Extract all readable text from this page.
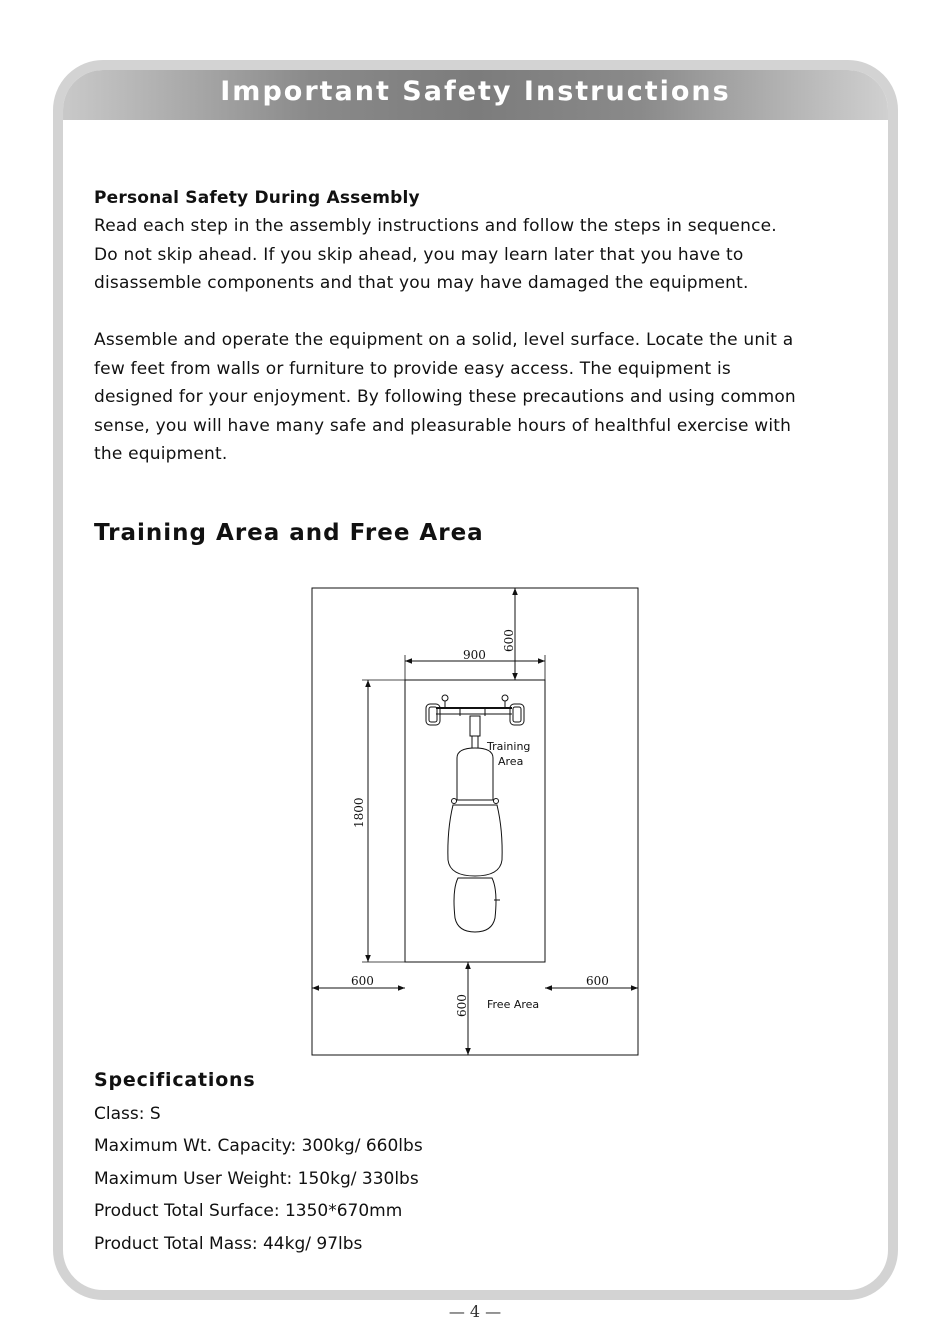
Important Safety Instructions
Personal Safety During Assembly
Read each step in the assembly instructions and follow the steps in sequence.
Do not skip ahead. If you skip ahead, you may learn later that you have to
disassemble components and that you may have damaged the equipment.
Assemble and operate the equipment on a solid, level surface. Locate the unit a
few feet from walls or furniture to provide easy access. The equipment is
designed for your enjoyment. By following these precautions and using common
sense, you will have many safe and pleasurable hours of healthful exercise with
the equipment.
Training Area and Free Area
600
900
1800
600	600
600
Training
Area
Free Area
Specifications
Class: S
Maximum Wt. Capacity: 300kg/ 660lbs
Maximum User Weight: 150kg/ 330lbs
Product Total Surface: 1350*670mm
Product Total Mass: 44kg/ 97lbs
— 4 —
